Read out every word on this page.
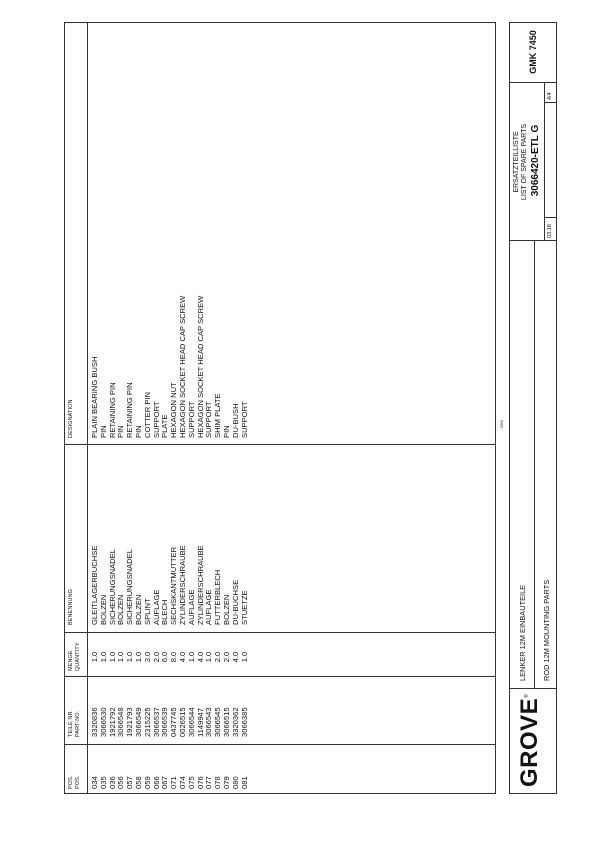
POS. POS.
TEILE NR. PART-NO.
MENGE QUANTITY
BENENNUNG
DESIGNATION
034
3320836
1.0
GLEITLAGERBUCHSE
PLAIN BEARING BUSH
035
3066530
1.0
BOLZEN
PIN
036
1921792
1.0
SICHERUNGSNADEL
RETAINING PIN
056
3066548
1.0
BOLZEN
PIN
057
1921793
1.0
SICHERUNGSNADEL
RETAINING PIN
058
3066549
1.0
BOLZEN
PIN
059
2315225
3.0
SPLINT
COTTER PIN
066
3066537
2.0
AUFLAGE
SUPPORT
067
3066539
6.0
BLECH
PLATE
071
0437745
8.0
SECHSKANTMUTTER
HEXAGON NUT
074
0026515
4.0
ZYLINDERSCHRAUBE
HEXAGON SOCKET HEAD CAP SCREW
075
3066544
1.0
AUFLAGE
SUPPORT
076
1149947
4.0
ZYLINDERSCHRAUBE
HEXAGON SOCKET HEAD CAP SCREW
077
3066543
1.0
AUFLAGE
SUPPORT
078
3066545
2.0
FUTTERBLECH
SHIM PLATE
079
3066515
2.0
BOLZEN
PIN
080
3320362
4.0
DU-BUCHSE
DU-BUSH
081
3066385
1.0
STUETZE
SUPPORT	2803
GROVE®
LENKER 12M EINBAUTEILE ROD 12M MOUNTING PARTS
ERSATZTEILLISTE LIST OF SPARE PARTS
03.18
3066420-ETL G
4/4
GMK 7450
